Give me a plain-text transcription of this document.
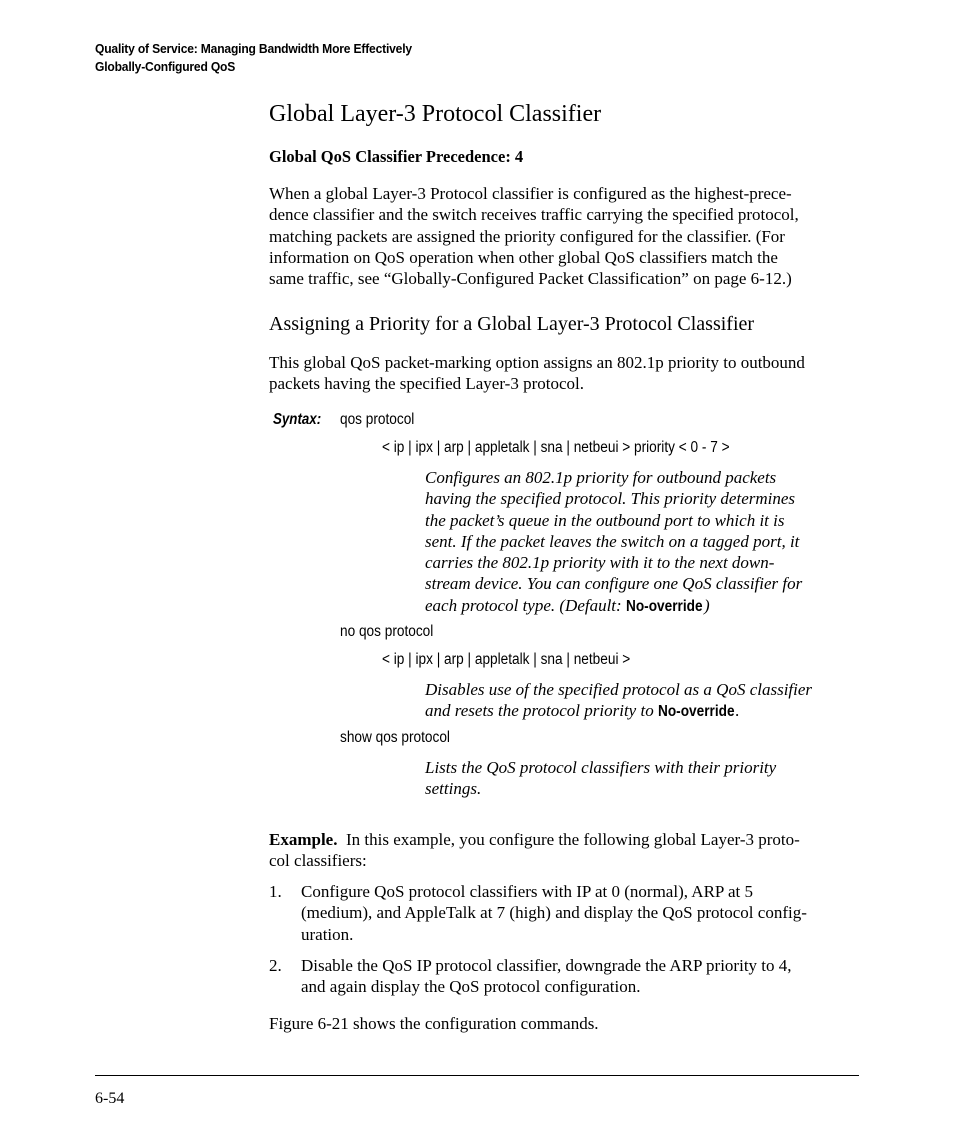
Quality of Service: Managing Bandwidth More Effectively
Globally-Configured QoS
Global Layer-3 Protocol Classifier
Global QoS Classifier Precedence: 4
When a global Layer-3 Protocol classifier is configured as the highest-prece-
dence classifier and the switch receives traffic carrying the specified protocol,
matching packets are assigned the priority configured for the classifier. (For
information on QoS operation when other global QoS classifiers match the
same traffic, see “Globally-Configured Packet Classification” on page 6-12.)
Assigning a Priority for a Global Layer-3 Protocol Classifier
This global QoS packet-marking option assigns an 802.1p priority to outbound
packets having the specified Layer-3 protocol.
Syntax: qos protocol
< ip | ipx | arp | appletalk | sna | netbeui > priority < 0 - 7 >
Configures an 802.1p priority for outbound packets
having the specified protocol. This priority determines
the packet’s queue in the outbound port to which it is
sent. If the packet leaves the switch on a tagged port, it
carries the 802.1p priority with it to the next down-
stream device. You can configure one QoS classifier for
each protocol type. (Default: No-override)
no qos protocol
< ip | ipx | arp | appletalk | sna | netbeui >
Disables use of the specified protocol as a QoS classifier
and resets the protocol priority to No-override.
show qos protocol
Lists the QoS protocol classifiers with their priority
settings.
Example. In this example, you configure the following global Layer-3 proto-
col classifiers:
1. Configure QoS protocol classifiers with IP at 0 (normal), ARP at 5
(medium), and AppleTalk at 7 (high) and display the QoS protocol config-
uration.
2. Disable the QoS IP protocol classifier, downgrade the ARP priority to 4,
and again display the QoS protocol configuration.
Figure 6-21 shows the configuration commands.
6-54
